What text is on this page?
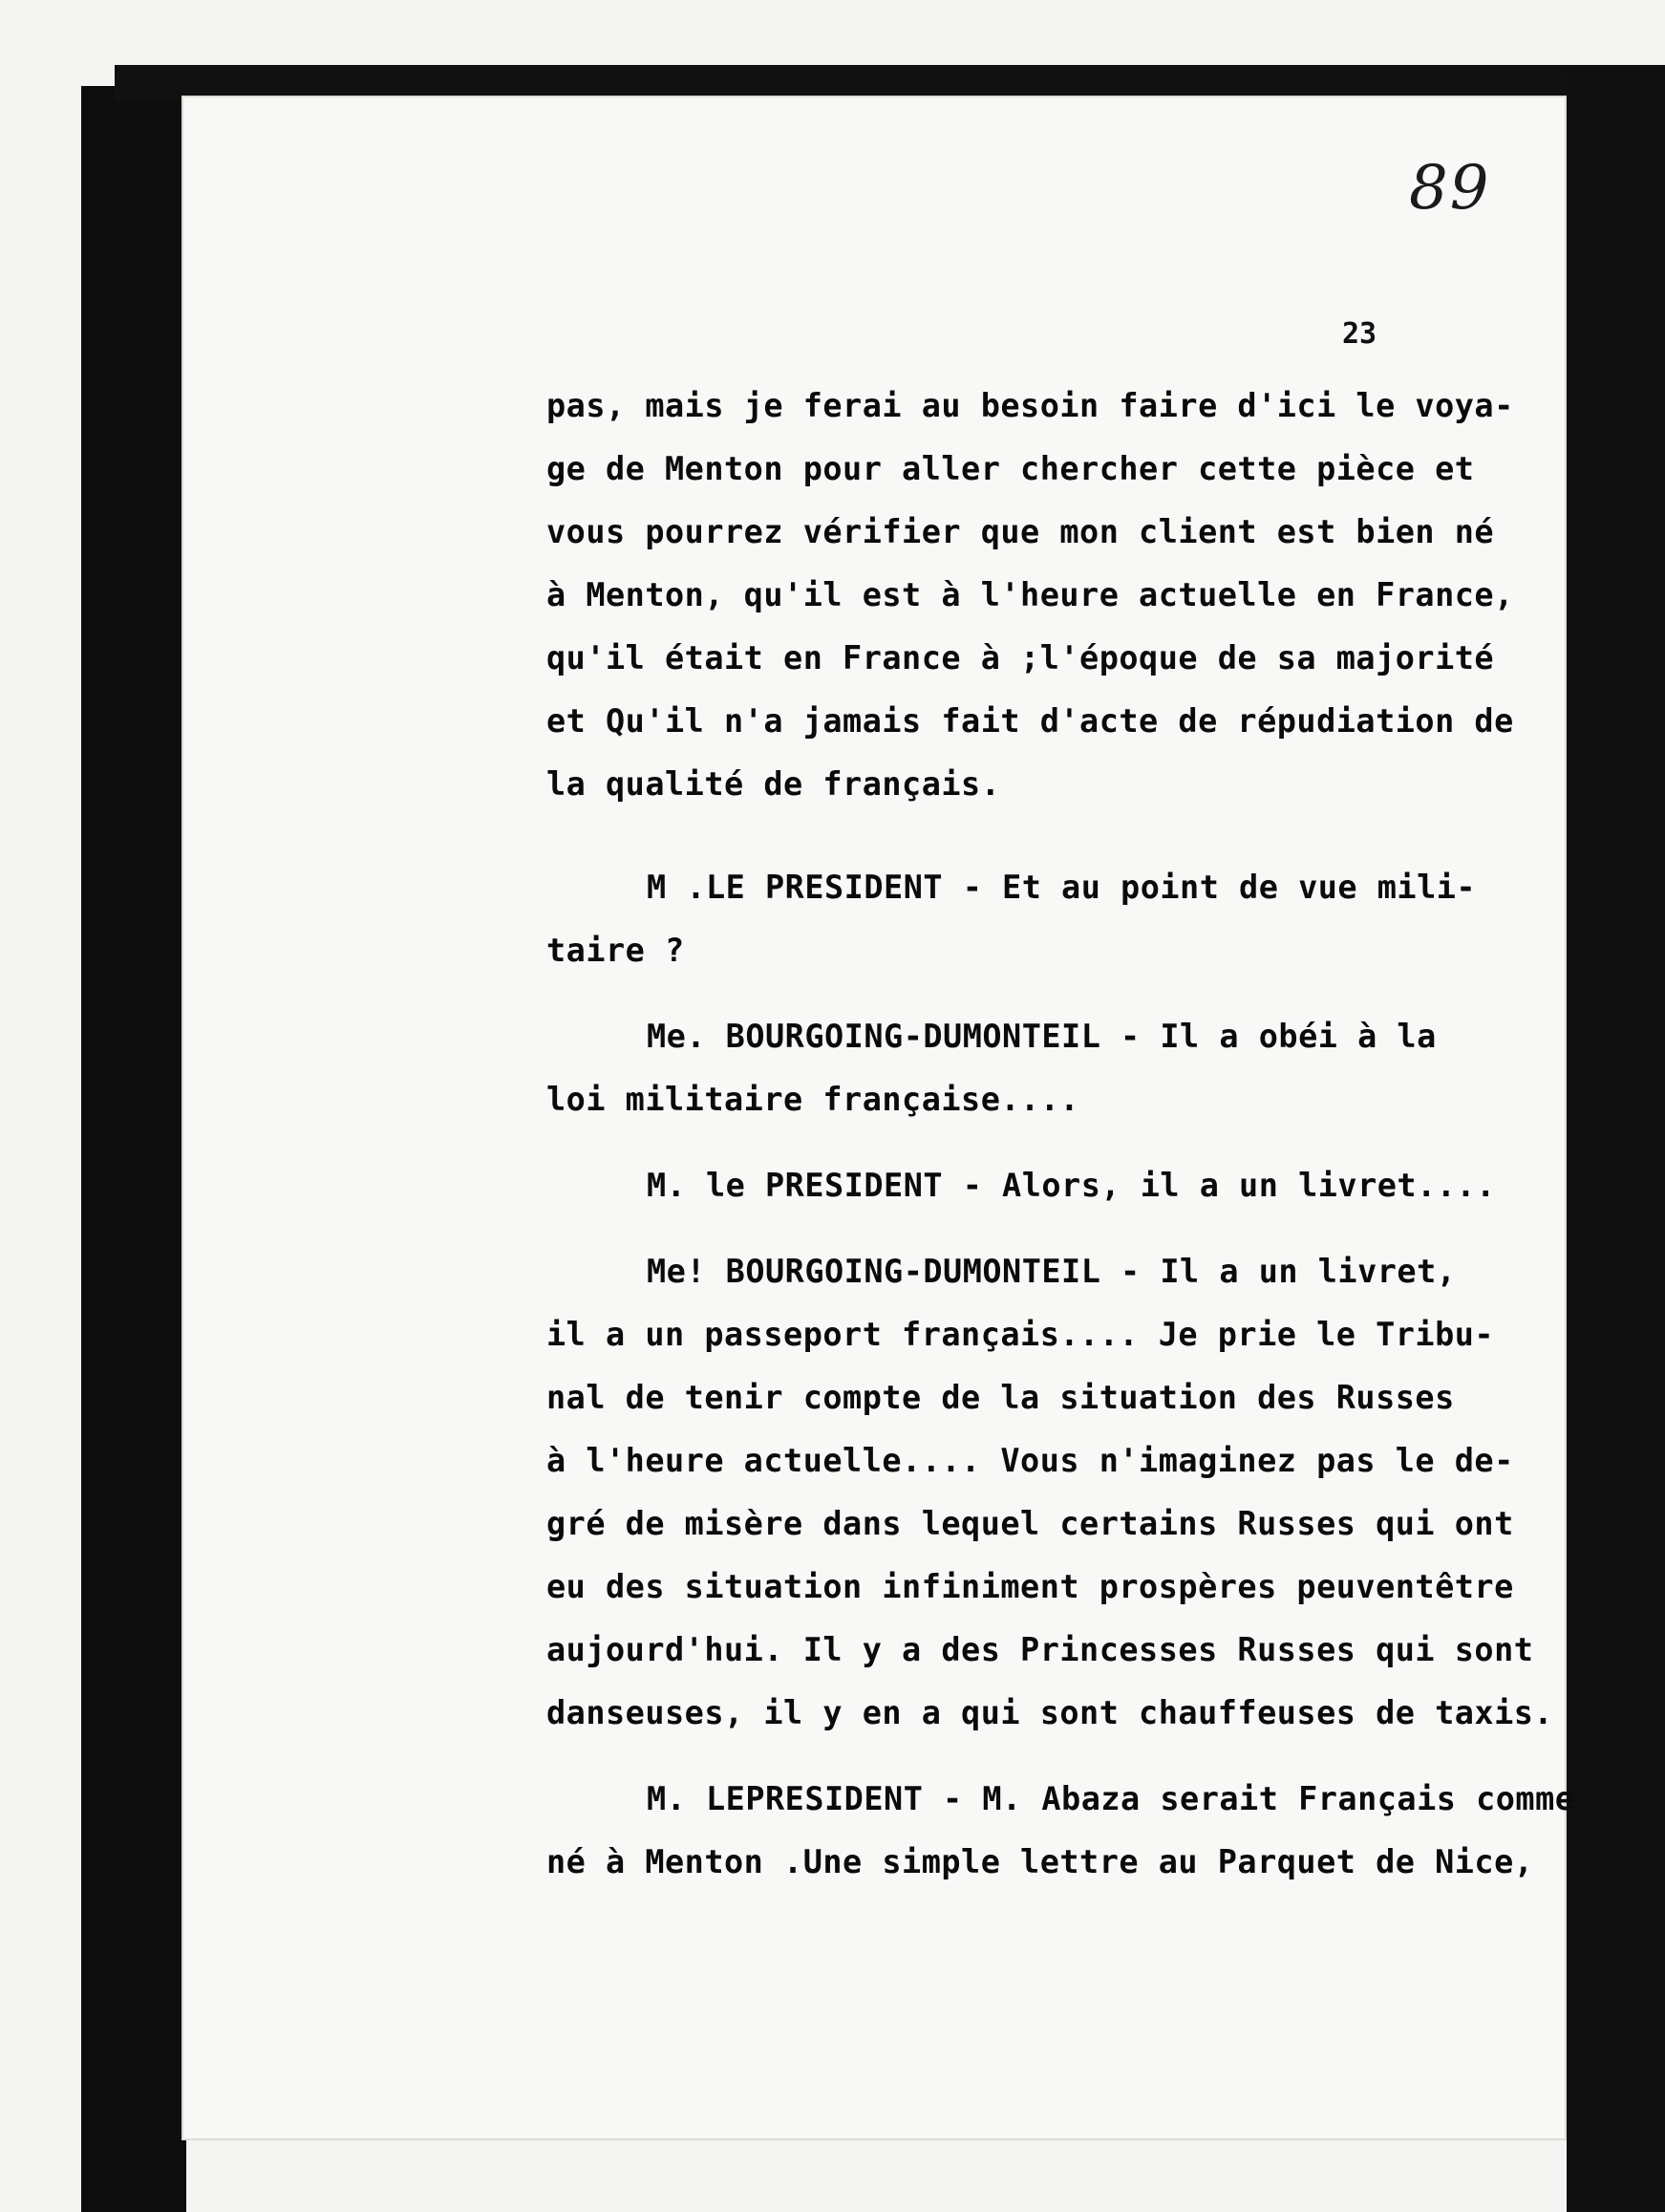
89
23
pas, mais je ferai au besoin faire d'ici le voya-
ge de Menton pour aller chercher cette pièce et
vous pourrez vérifier que mon client est bien né
à Menton, qu'il est à l'heure actuelle en France,
qu'il était en France à ;l'époque de sa majorité
et Qu'il n'a jamais fait d'acte de répudiation de
la qualité de français.
M .LE PRESIDENT - Et au point de vue mili-
taire ?
Me. BOURGOING-DUMONTEIL - Il a obéi à la
loi militaire française....
M. le PRESIDENT - Alors, il a un livret....
Me! BOURGOING-DUMONTEIL - Il a un livret,
il a un passeport français.... Je prie le Tribu-
nal de tenir compte de la situation des Russes
à l'heure actuelle.... Vous n'imaginez pas le de-
gré de misère dans lequel certains Russes qui ont
eu des situation infiniment prospères peuventêtre
aujourd'hui. Il y a des Princesses Russes qui sont
danseuses, il y en a qui sont chauffeuses de taxis.
M. LEPRESIDENT - M. Abaza serait Français comme
né à Menton .Une simple lettre au Parquet de Nice,
